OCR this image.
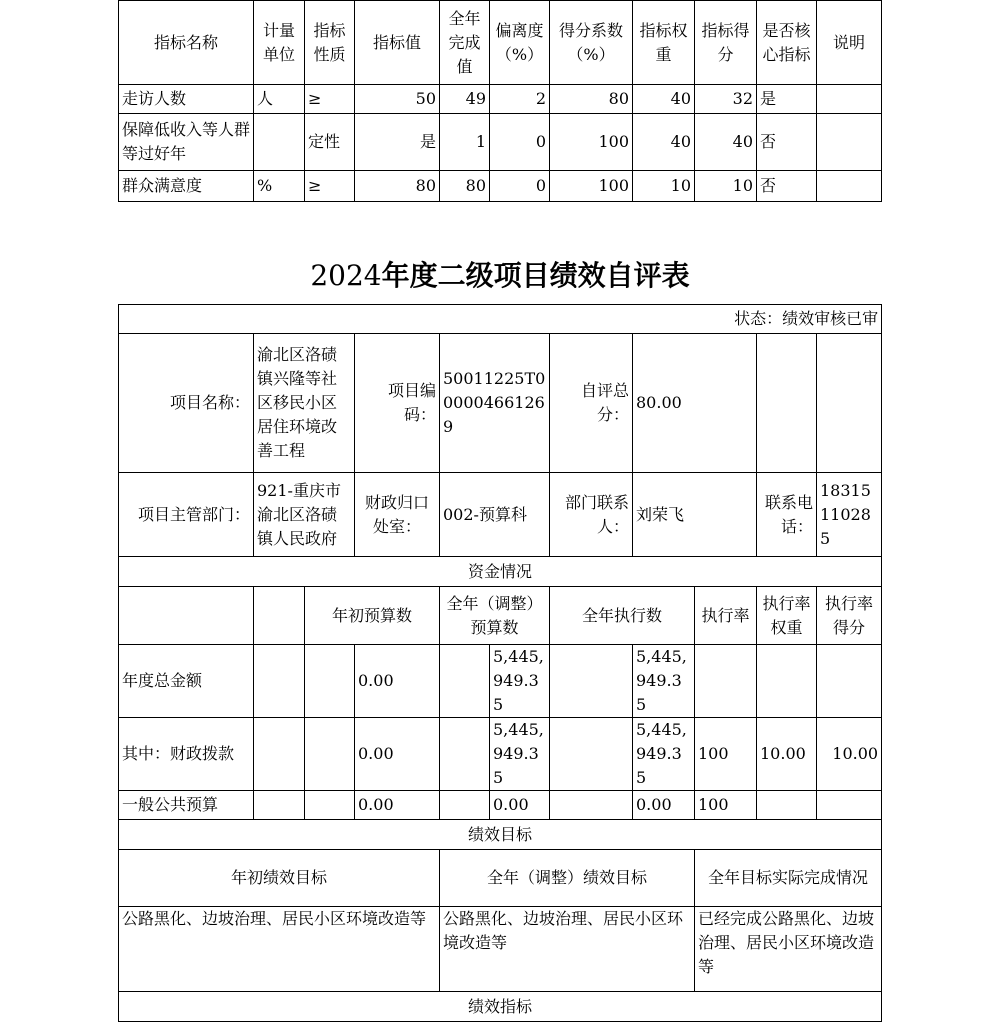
指标名称	计量单位	指标性质	指标值	全年完成值	偏离度（%）	得分系数（%）	指标权重	指标得分	是否核心指标	说明
走访人数	人	≥	50	49	2	80	40	32	是	
保障低收入等人群等过好年		定性	是	1	0	100	40	40	否	
群众满意度	%	≥	80	80	0	100	10	10	否	
2024年度二级项目绩效自评表
状态：绩效审核已审										
项目名称：	渝北区洛碛镇兴隆等社区移民小区居住环境改善工程		项目编码：	50011225T000004661269		自评总分：	80.00			
项目主管部门：	921-重庆市渝北区洛碛镇人民政府		财政归口处室：	002-预算科		部门联系人：	刘荣飞		联系电话：	18315110285
资金情况										
		年初预算数		全年（调整）预算数		全年执行数		执行率	执行率权重	执行率得分
年度总金额			0.00		5,445,949.35		5,445,949.35			
其中：财政拨款			0.00		5,445,949.35		5,445,949.35	100	10.00	10.00
一般公共预算			0.00		0.00		0.00	100		
绩效目标										
年初绩效目标				全年（调整）绩效目标				全年目标实际完成情况		
公路黑化、边坡治理、居民小区环境改造等				公路黑化、边坡治理、居民小区环境改造等				已经完成公路黑化、边坡治理、居民小区环境改造等		
绩效指标										
